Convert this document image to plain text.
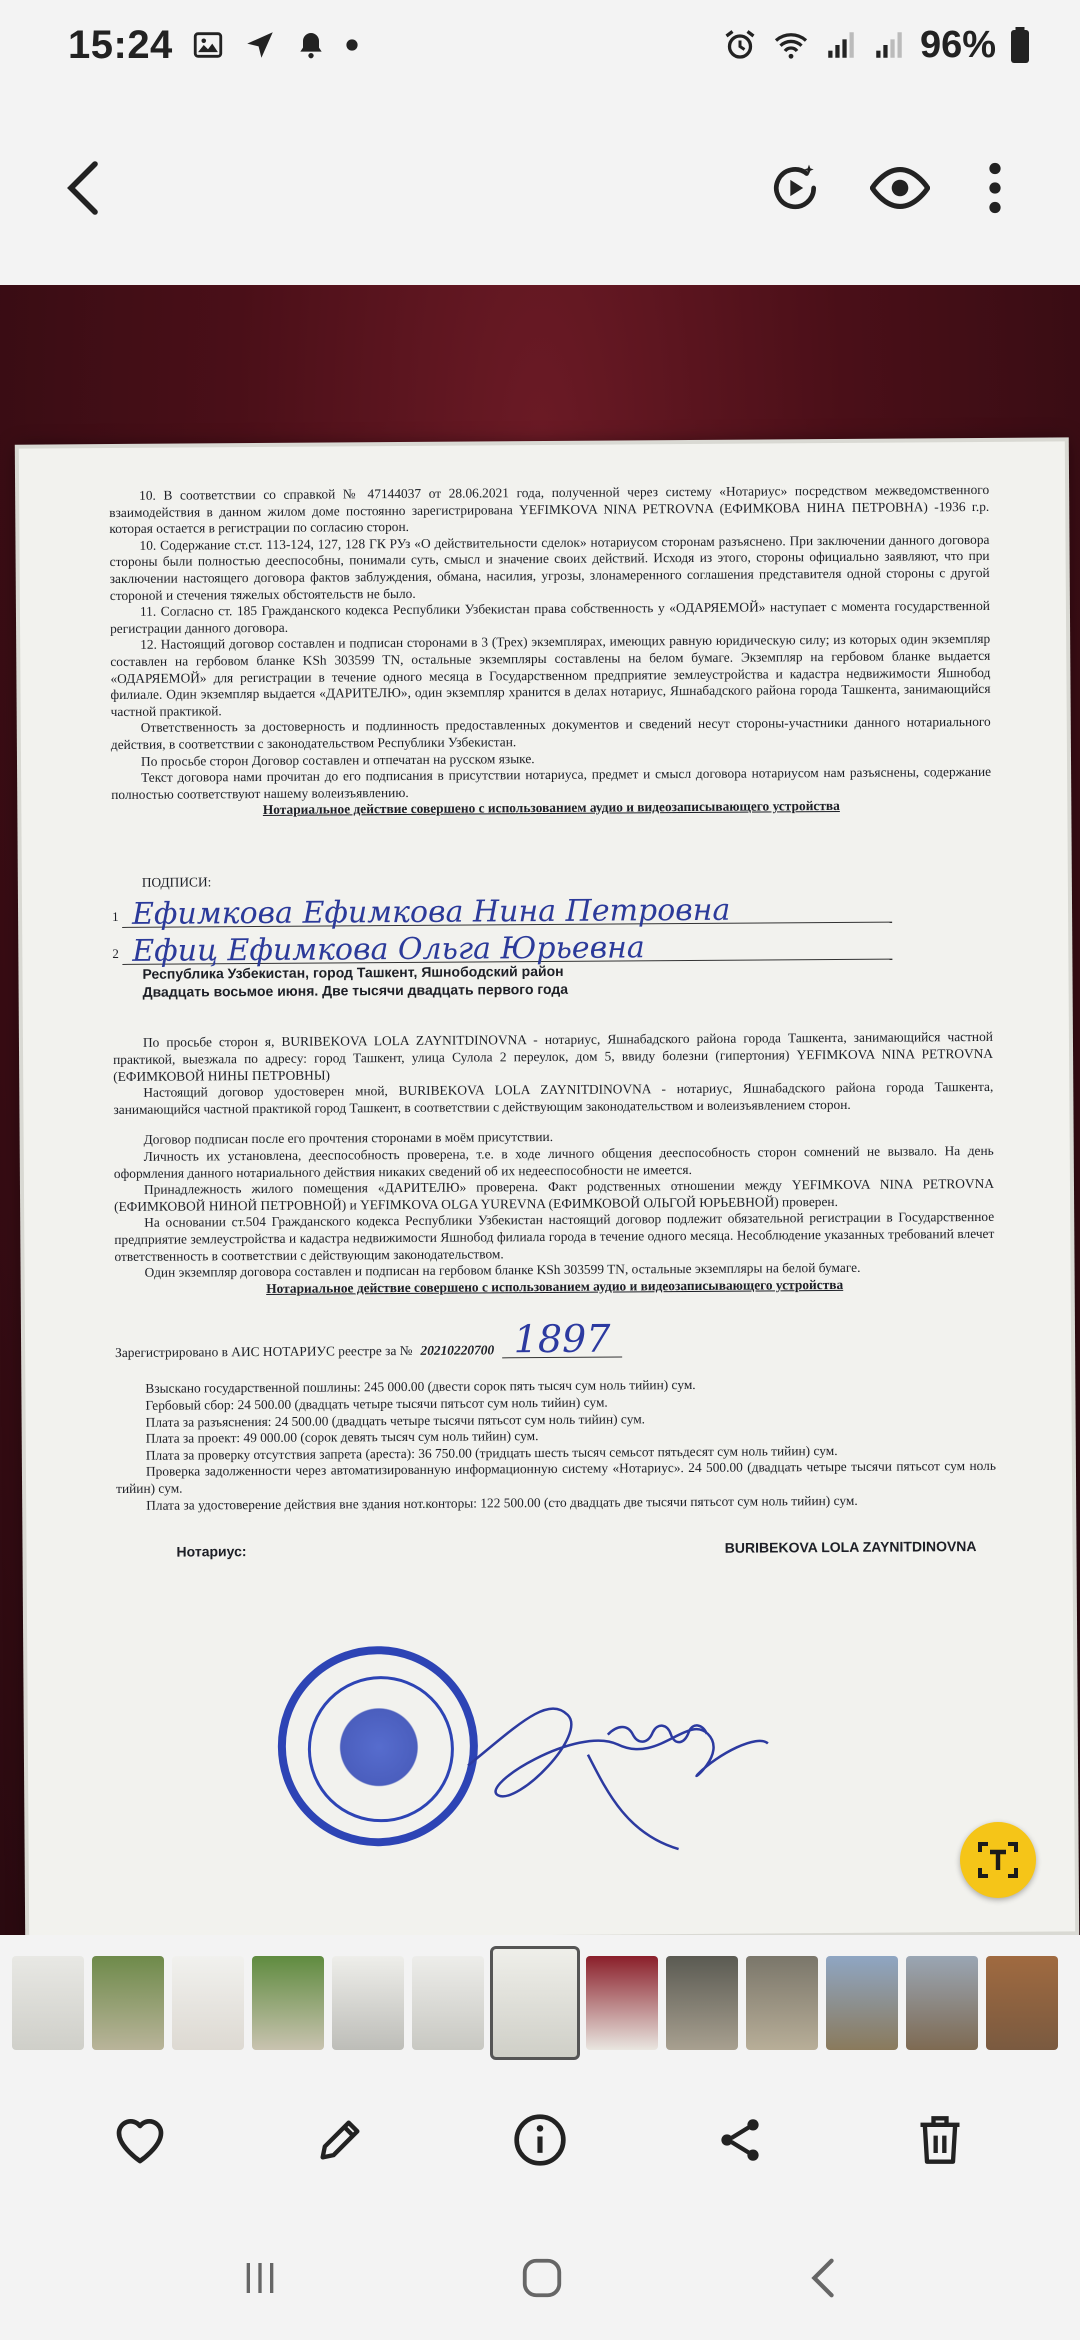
15:24	96%

10. В соответствии со справкой № 47144037 от 28.06.2021 года, полученной через систему «Нотариус» посредством межведомственного взаимодействия в данном жилом доме постоянно зарегистрирована YEFIMKOVA NINA PETROVNA (ЕФИМКОВА НИНА ПЕТРОВНА) -1936 г.р. которая остается в регистрации по согласию сторон.

10. Содержание ст.ст. 113-124, 127, 128 ГК РУз «О действительности сделок» нотариусом сторонам разъяснено. При заключении данного договора стороны были полностью дееспособны, понимали суть, смысл и значение своих действий. Исходя из этого, стороны официально заявляют, что при заключении настоящего договора фактов заблуждения, обмана, насилия, угрозы, злонамеренного соглашения представителя одной стороны с другой стороной и стечения тяжелых обстоятельств не было.

11. Согласно ст. 185 Гражданского кодекса Республики Узбекистан права собственность у «ОДАРЯЕМОЙ» наступает с момента государственной регистрации данного договора.

12. Настоящий договор составлен и подписан сторонами в 3 (Трех) экземплярах, имеющих равную юридическую силу; из которых один экземпляр составлен на гербовом бланке KSh 303599 TN, остальные экземпляры составлены на белом бумаге. Экземпляр на гербовом бланке выдается «ОДАРЯЕМОЙ» для регистрации в течение одного месяца в Государственном предприятие землеустройства и кадастра недвижимости Яшнобод филиале. Один экземпляр выдается «ДАРИТЕЛЮ», один экземпляр хранится в делах нотариус, Яшнабадского района города Ташкента, занимающийся частной практикой.

Ответственность за достоверность и подлинность предоставленных документов и сведений несут стороны-участники данного нотариального действия, в соответствии с законодательством Республики Узбекистан.

По просьбе сторон Договор составлен и отпечатан на русском языке.

Текст договора нами прочитан до его подписания в присутствии нотариуса, предмет и смысл договора нотариусом нам разъяснены, содержание полностью соответствуют нашему волеизъявлению.

Нотариальное действие совершено с использованием аудио и видеозаписывающего устройства

ПОДПИСИ:

1 Ефимкова Ефимкова Нина Петровна
2 Ефиц Ефимкова Ольга Юрьевна

Республика Узбекистан, город Ташкент, Яшнободский район

Двадцать восьмое июня. Две тысячи двадцать первого года

По просьбе сторон я, BURIBEKOVA LOLA ZAYNITDINOVNA - нотариус, Яшнабадского района города Ташкента, занимающийся частной практикой, выезжала по адресу: город Ташкент, улица Сулола 2 переулок, дом 5, ввиду болезни (гипертония) YEFIMKOVA NINA PETROVNA (ЕФИМКОВОЙ НИНЫ ПЕТРОВНЫ)

Настоящий договор удостоверен мной, BURIBEKOVA LOLA ZAYNITDINOVNA - нотариус, Яшнабадского района города Ташкента, занимающийся частной практикой город Ташкент, в соответствии с действующим законодательством и волеизъявлением сторон.

Договор подписан после его прочтения сторонами в моём присутствии.

Личность их установлена, дееспособность проверена, т.е. в ходе личного общения дееспособность сторон сомнений не вызвало. На день оформления данного нотариального действия никаких сведений об их недееспособности не имеется.

Принадлежность жилого помещения «ДАРИТЕЛЮ» проверена. Факт родственных отношении между YEFIMKOVA NINA PETROVNA (ЕФИМКОВОЙ НИНОЙ ПЕТРОВНОЙ) и YEFIMKOVA OLGA YUREVNA (ЕФИМКОВОЙ ОЛЬГОЙ ЮРЬЕВНОЙ) проверен.

На основании ст.504 Гражданского кодекса Республики Узбекистан настоящий договор подлежит обязательной регистрации в Государственное предприятие землеустройства и кадастра недвижимости Яшнобод филиала города в течение одного месяца. Несоблюдение указанных требований влечет ответственность в соответствии с действующим законодательством.

Один экземпляр договора составлен и подписан на гербовом бланке KSh 303599 TN, остальные экземпляры на белой бумаге.

Нотариальное действие совершено с использованием аудио и видеозаписывающего устройства

Зарегистрировано в АИС НОТАРИУС реестре за № 20210220700 1897

Взыскано государственной пошлины: 245 000.00 (двести сорок пять тысяч сум ноль тийин) сум.

Гербовый сбор: 24 500.00 (двадцать четыре тысячи пятьсот сум ноль тийин) сум.

Плата за разъяснения: 24 500.00 (двадцать четыре тысячи пятьсот сум ноль тийин) сум.

Плата за проект: 49 000.00 (сорок девять тысяч сум ноль тийин) сум.

Плата за проверку отсутствия запрета (ареста): 36 750.00 (тридцать шесть тысяч семьсот пятьдесят сум ноль тийин) сум.

Проверка задолженности через автоматизированную информационную систему «Нотариус». 24 500.00 (двадцать четыре тысячи пятьсот сум ноль тийин) сум.

Плата за удостоверение действия вне здания нот.конторы: 122 500.00 (сто двадцать две тысячи пятьсот сум ноль тийин) сум.

Нотариус:	BURIBEKOVA LOLA ZAYNITDINOVNA
